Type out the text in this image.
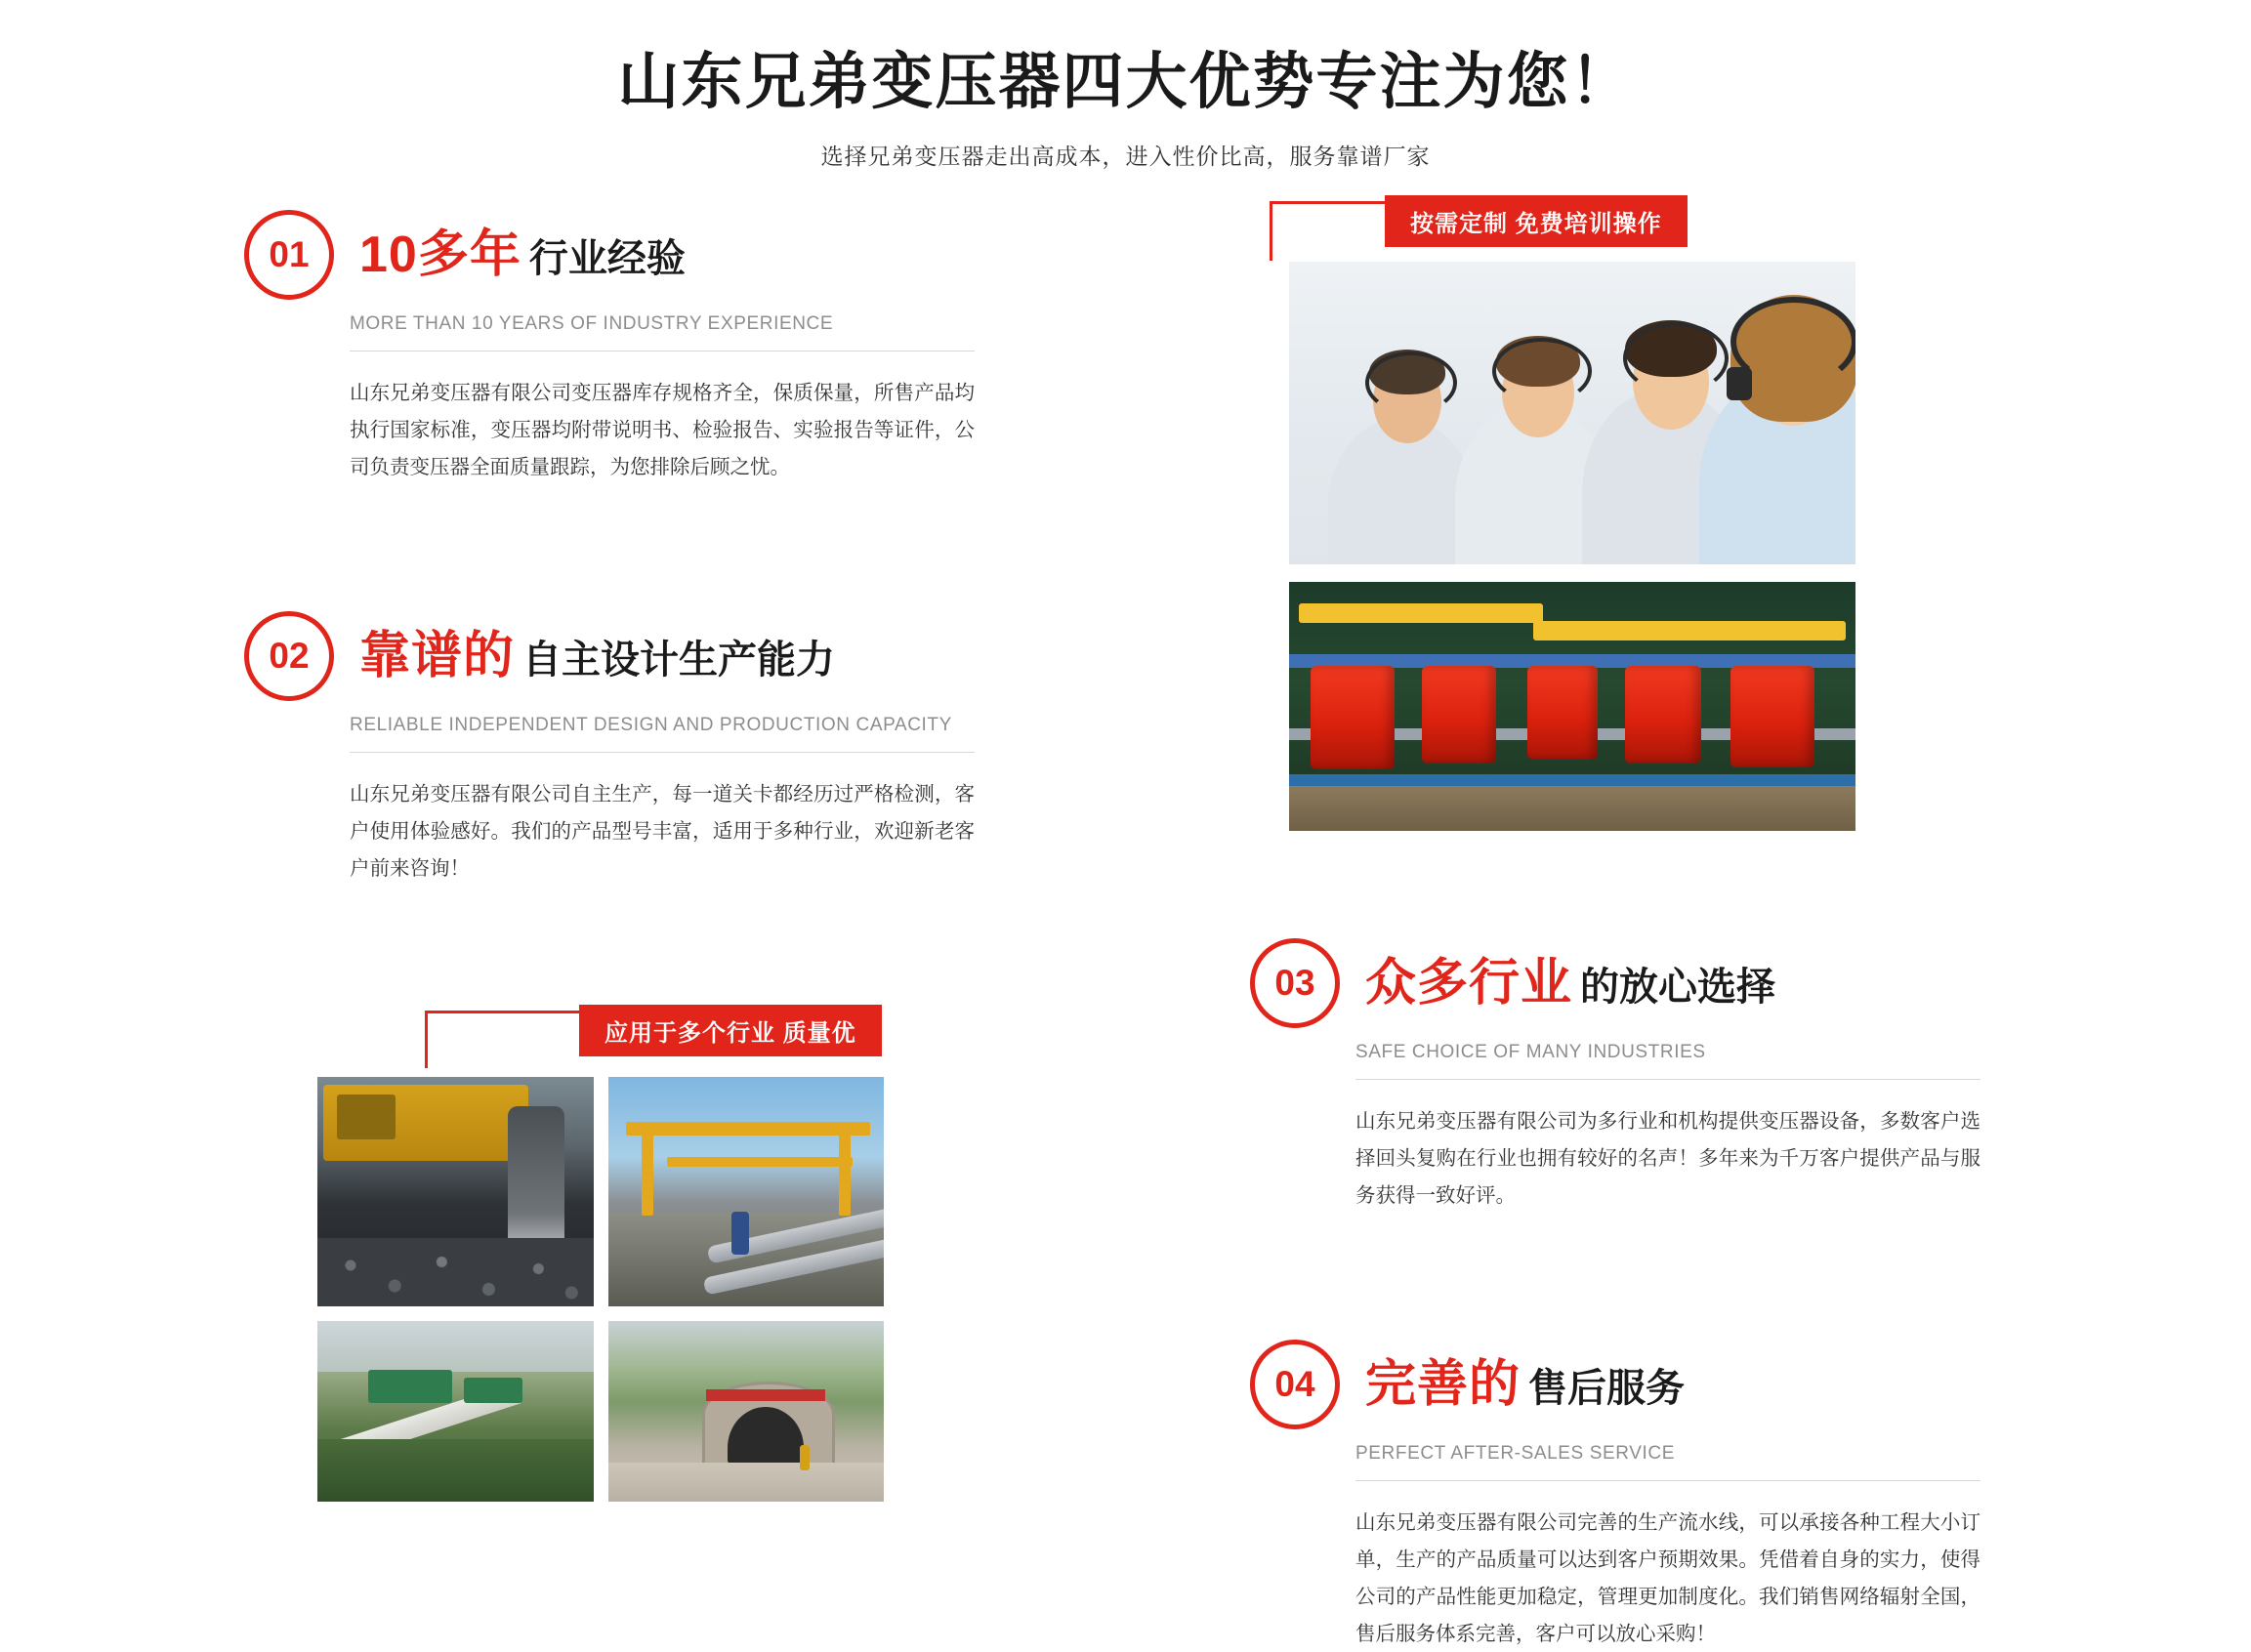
山东兄弟变压器四大优势专注为您！
选择兄弟变压器走出高成本，进入性价比高，服务靠谱厂家
01 10多年 行业经验
MORE THAN 10 YEARS OF INDUSTRY EXPERIENCE
山东兄弟变压器有限公司变压器库存规格齐全，保质保量，所售产品均执行国家标准，变压器均附带说明书、检验报告、实验报告等证件，公司负责变压器全面质量跟踪，为您排除后顾之忧。
02 靠谱的 自主设计生产能力
RELIABLE INDEPENDENT DESIGN AND PRODUCTION CAPACITY
山东兄弟变压器有限公司自主生产，每一道关卡都经历过严格检测，客户使用体验感好。我们的产品型号丰富，适用于多种行业，欢迎新老客户前来咨询！
应用于多个行业 质量优
按需定制 免费培训操作
03 众多行业 的放心选择
SAFE CHOICE OF MANY INDUSTRIES
山东兄弟变压器有限公司为多行业和机构提供变压器设备，多数客户选择回头复购在行业也拥有较好的名声！多年来为千万客户提供产品与服务获得一致好评。
04 完善的 售后服务
PERFECT AFTER-SALES SERVICE
山东兄弟变压器有限公司完善的生产流水线，可以承接各种工程大小订单，生产的产品质量可以达到客户预期效果。凭借着自身的实力，使得公司的产品性能更加稳定，管理更加制度化。我们销售网络辐射全国，售后服务体系完善，客户可以放心采购！
